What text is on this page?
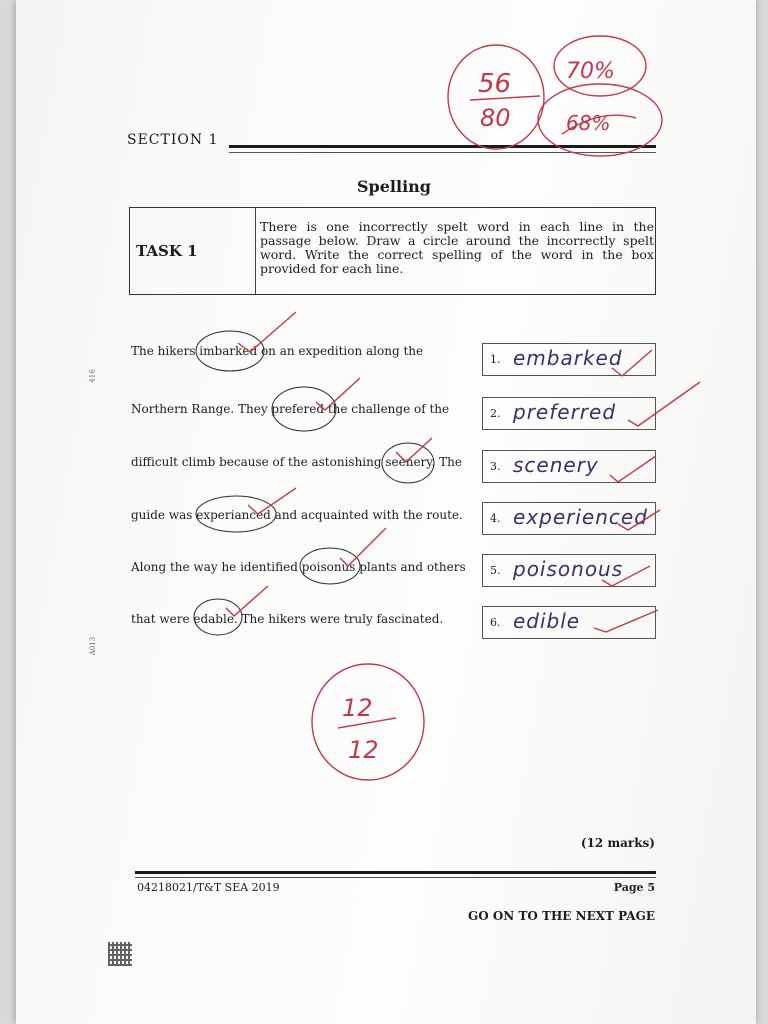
SECTION 1
Spelling
TASK 1
There is one incorrectly spelt word in each line in the passage below. Draw a circle around the incorrectly spelt word. Write the correct spelling of the word in the box provided for each line.
The hikers imbarked on an expedition along the
Northern Range. They prefered the challenge of the
difficult climb because of the astonishing seenery. The
guide was experianced and acquainted with the route.
Along the way he identified poisonus plants and others
that were edable. The hikers were truly fascinated.
1. embarked
2. preferred
3. scenery
4. experienced
5. poisonous
6. edible
56
80
70%
68%
12
12
(12 marks)
04218021/T&T SEA 2019	Page 5
GO ON TO THE NEXT PAGE
416
A013
